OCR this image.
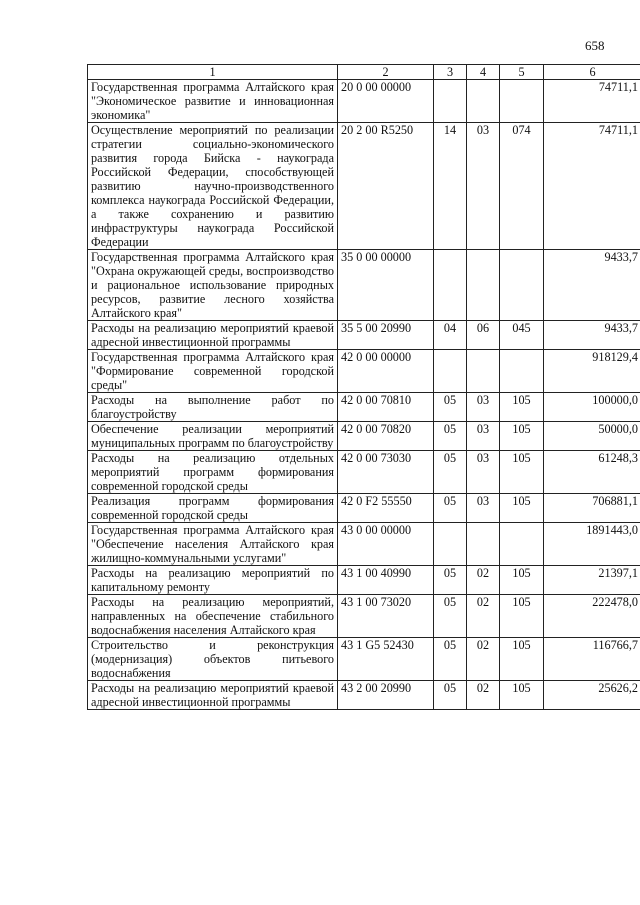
658
1	2	3	4	5	6
Государственная программа Алтайского края "Экономическое развитие и инновационная экономика"	20 0 00 00000				74711,1
Осуществление мероприятий по реализации стратегии социально-экономического развития города Бийска - наукограда Российской Федерации, способствующей развитию научно-производственного комплекса наукограда Российской Федерации, а также сохранению и развитию инфраструктуры наукограда Российской Федерации	20 2 00 R5250	14	03	074	74711,1
Государственная программа Алтайского края "Охрана окружающей среды, воспроизводство и рациональное использование природных ресурсов, развитие лесного хозяйства Алтайского края"	35 0 00 00000				9433,7
Расходы на реализацию мероприятий краевой адресной инвестиционной программы	35 5 00 20990	04	06	045	9433,7
Государственная программа Алтайского края "Формирование современной городской среды"	42 0 00 00000				918129,4
Расходы на выполнение работ по благоустройству	42 0 00 70810	05	03	105	100000,0
Обеспечение реализации мероприятий муниципальных программ по благоустройству	42 0 00 70820	05	03	105	50000,0
Расходы на реализацию отдельных мероприятий программ формирования современной городской среды	42 0 00 73030	05	03	105	61248,3
Реализация программ формирования современной городской среды	42 0 F2 55550	05	03	105	706881,1
Государственная программа Алтайского края "Обеспечение населения Алтайского края жилищно-коммунальными услугами"	43 0 00 00000				1891443,0
Расходы на реализацию мероприятий по капитальному ремонту	43 1 00 40990	05	02	105	21397,1
Расходы на реализацию мероприятий, направленных на обеспечение стабильного водоснабжения населения Алтайского края	43 1 00 73020	05	02	105	222478,0
Строительство и реконструкция (модернизация) объектов питьевого водоснабжения	43 1 G5 52430	05	02	105	116766,7
Расходы на реализацию мероприятий краевой адресной инвестиционной программы	43 2 00 20990	05	02	105	25626,2
